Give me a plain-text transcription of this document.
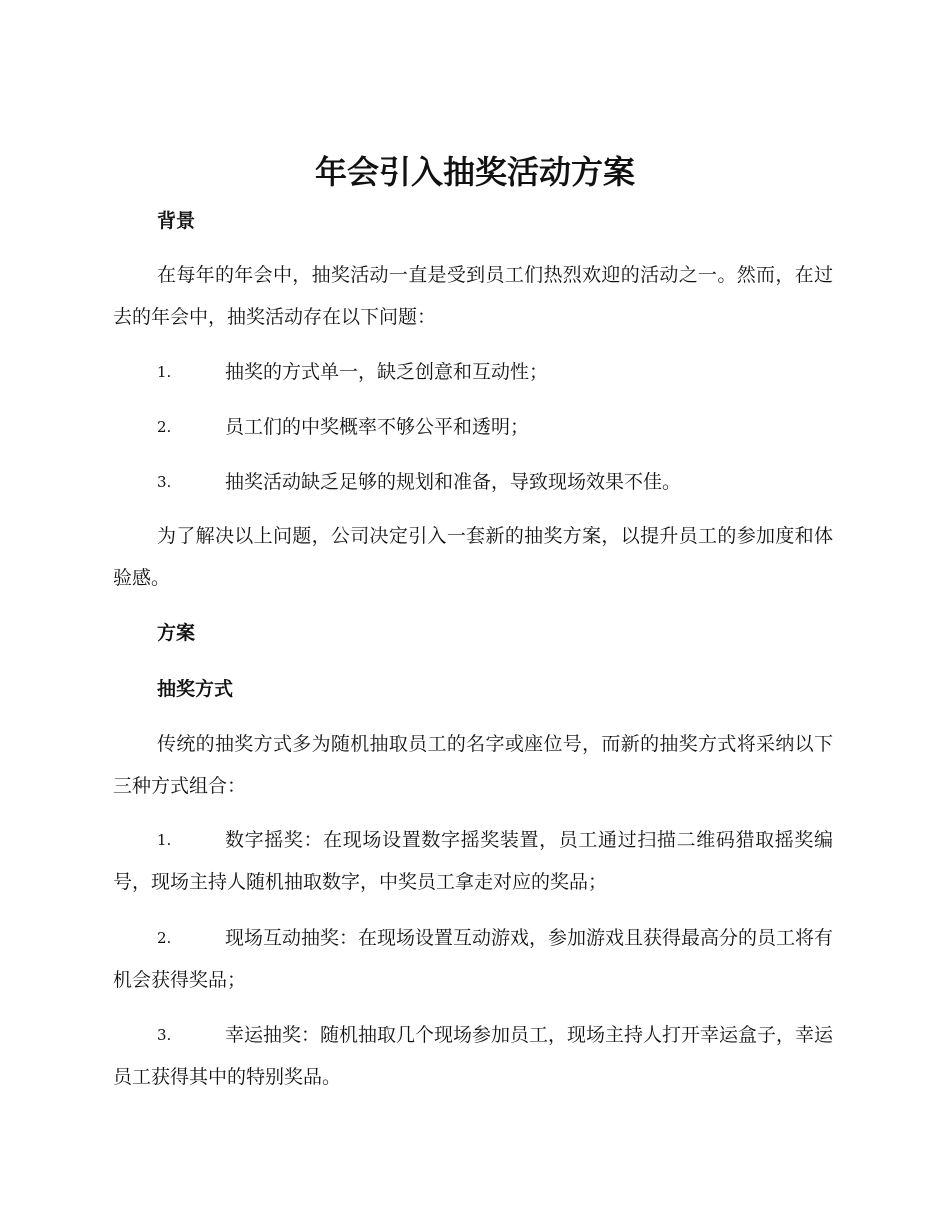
年会引入抽奖活动方案
背景

在每年的年会中，抽奖活动一直是受到员工们热烈欢迎的活动之一。然而，在过去的年会中，抽奖活动存在以下问题：

1.	抽奖的方式单一，缺乏创意和互动性；
2.	员工们的中奖概率不够公平和透明；
3.	抽奖活动缺乏足够的规划和准备，导致现场效果不佳。

为了解决以上问题，公司决定引入一套新的抽奖方案，以提升员工的参加度和体验感。

方案
抽奖方式

传统的抽奖方式多为随机抽取员工的名字或座位号，而新的抽奖方式将采纳以下三种方式组合：

1.	数字摇奖：在现场设置数字摇奖装置，员工通过扫描二维码猎取摇奖编号，现场主持人随机抽取数字，中奖员工拿走对应的奖品；
2.	现场互动抽奖：在现场设置互动游戏，参加游戏且获得最高分的员工将有机会获得奖品；
3.	幸运抽奖：随机抽取几个现场参加员工，现场主持人打开幸运盒子，幸运员工获得其中的特别奖品。
